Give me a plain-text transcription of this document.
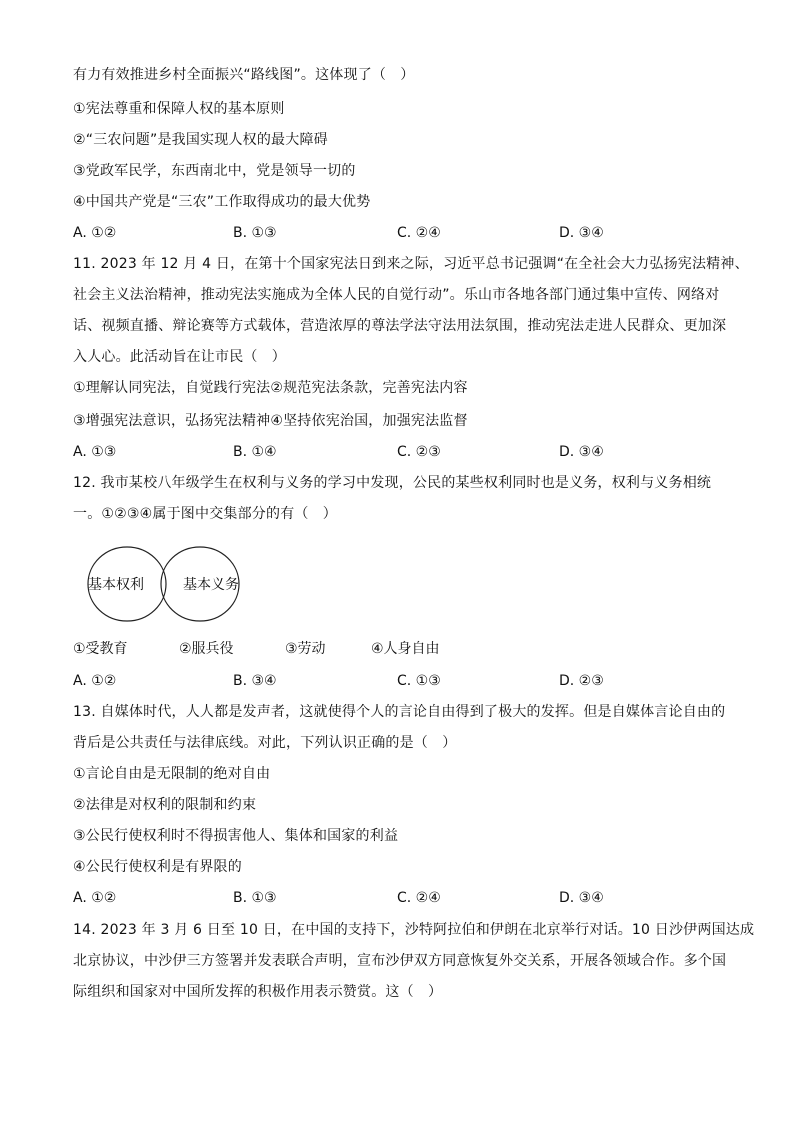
有力有效推进乡村全面振兴“路线图”。这体现了（　）
①宪法尊重和保障人权的基本原则
②“三农问题”是我国实现人权的最大障碍
③党政军民学，东西南北中，党是领导一切的
④中国共产党是“三农”工作取得成功的最大优势
A. ①②	B. ①③	C. ②④	D. ③④
11. 2023 年 12 月 4 日，在第十个国家宪法日到来之际，习近平总书记强调“在全社会大力弘扬宪法精神、
社会主义法治精神，推动宪法实施成为全体人民的自觉行动”。乐山市各地各部门通过集中宣传、网络对
话、视频直播、辩论赛等方式载体，营造浓厚的尊法学法守法用法氛围，推动宪法走进人民群众、更加深
入人心。此活动旨在让市民（　）
①理解认同宪法，自觉践行宪法②规范宪法条款，完善宪法内容
③增强宪法意识，弘扬宪法精神④坚持依宪治国，加强宪法监督
A. ①③	B. ①④	C. ②③	D. ③④
12. 我市某校八年级学生在权利与义务的学习中发现，公民的某些权利同时也是义务，权利与义务相统
一。①②③④属于图中交集部分的有（　）
基本权利	基本义务
①受教育	②服兵役	③劳动	④人身自由
A. ①②	B. ③④	C. ①③	D. ②③
13. 自媒体时代，人人都是发声者，这就使得个人的言论自由得到了极大的发挥。但是自媒体言论自由的
背后是公共责任与法律底线。对此，下列认识正确的是（　）
①言论自由是无限制的绝对自由
②法律是对权利的限制和约束
③公民行使权利时不得损害他人、集体和国家的利益
④公民行使权利是有界限的
A. ①②	B. ①③	C. ②④	D. ③④
14. 2023 年 3 月 6 日至 10 日，在中国的支持下，沙特阿拉伯和伊朗在北京举行对话。10 日沙伊两国达成
北京协议，中沙伊三方签署并发表联合声明，宣布沙伊双方同意恢复外交关系，开展各领域合作。多个国
际组织和国家对中国所发挥的积极作用表示赞赏。这（　）
